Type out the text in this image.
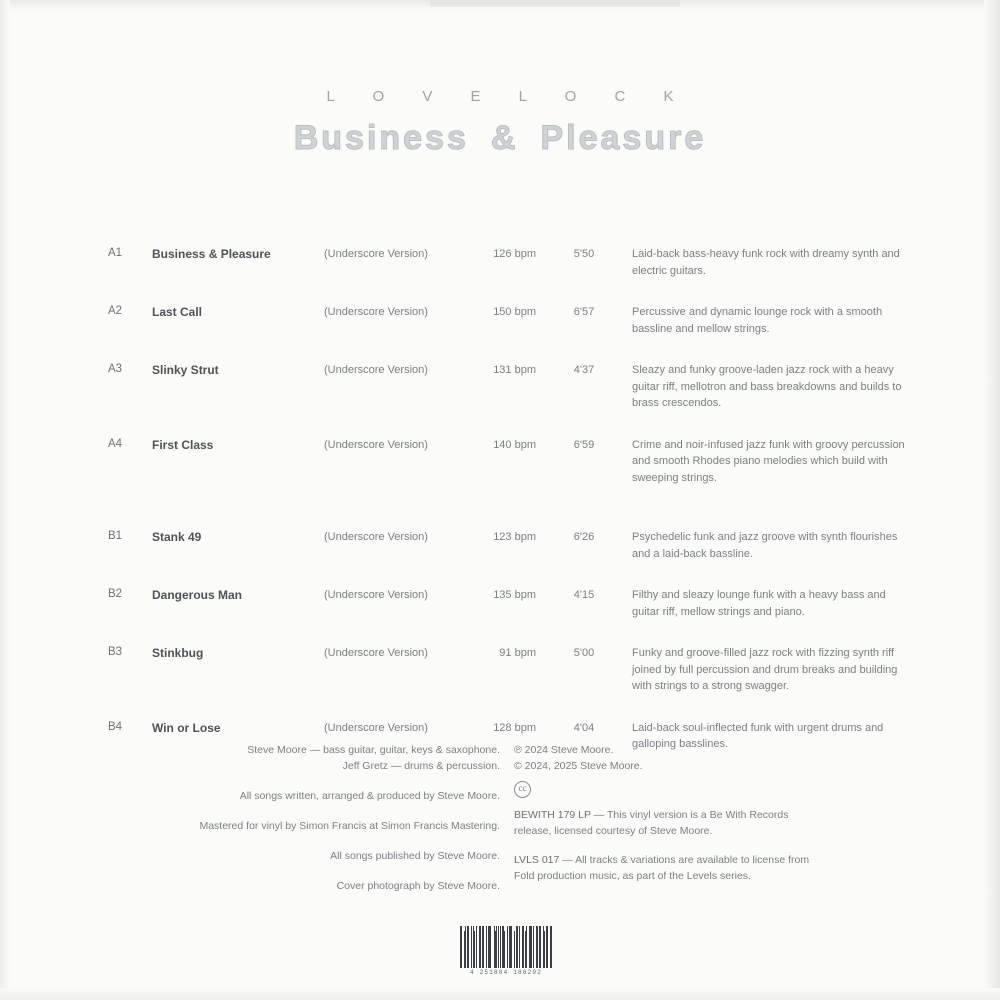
L O V E L O C K
Business & Pleasure
A1	Business & Pleasure	(Underscore Version)	126 bpm	5'50	Laid-back bass-heavy funk rock with dreamy synth and electric guitars.
A2	Last Call	(Underscore Version)	150 bpm	6'57	Percussive and dynamic lounge rock with a smooth bassline and mellow strings.
A3	Slinky Strut	(Underscore Version)	131 bpm	4'37	Sleazy and funky groove-laden jazz rock with a heavy guitar riff, mellotron and bass breakdowns and builds to brass crescendos.
A4	First Class	(Underscore Version)	140 bpm	6'59	Crime and noir-infused jazz funk with groovy percussion and smooth Rhodes piano melodies which build with sweeping strings.
B1	Stank 49	(Underscore Version)	123 bpm	6'26	Psychedelic funk and jazz groove with synth flourishes and a laid-back bassline.
B2	Dangerous Man	(Underscore Version)	135 bpm	4'15	Filthy and sleazy lounge funk with a heavy bass and guitar riff, mellow strings and piano.
B3	Stinkbug	(Underscore Version)	91 bpm	5'00	Funky and groove-filled jazz rock with fizzing synth riff joined by full percussion and drum breaks and building with strings to a strong swagger.
B4	Win or Lose	(Underscore Version)	128 bpm	4'04	Laid-back soul-inflected funk with urgent drums and galloping basslines.
Steve Moore — bass guitar, guitar, keys & saxophone.
Jeff Gretz — drums & percussion.
All songs written, arranged & produced by Steve Moore.
Mastered for vinyl by Simon Francis at Simon Francis Mastering.
All songs published by Steve Moore.
Cover photograph by Steve Moore.
℗ 2024 Steve Moore.
© 2024, 2025 Steve Moore.
cc

BEWITH 179 LP — This vinyl version is a Be With Records release, licensed courtesy of Steve Moore.

LVLS 017 — All tracks & variations are available to license from Fold production music, as part of the Levels series.

4 251804 186292
